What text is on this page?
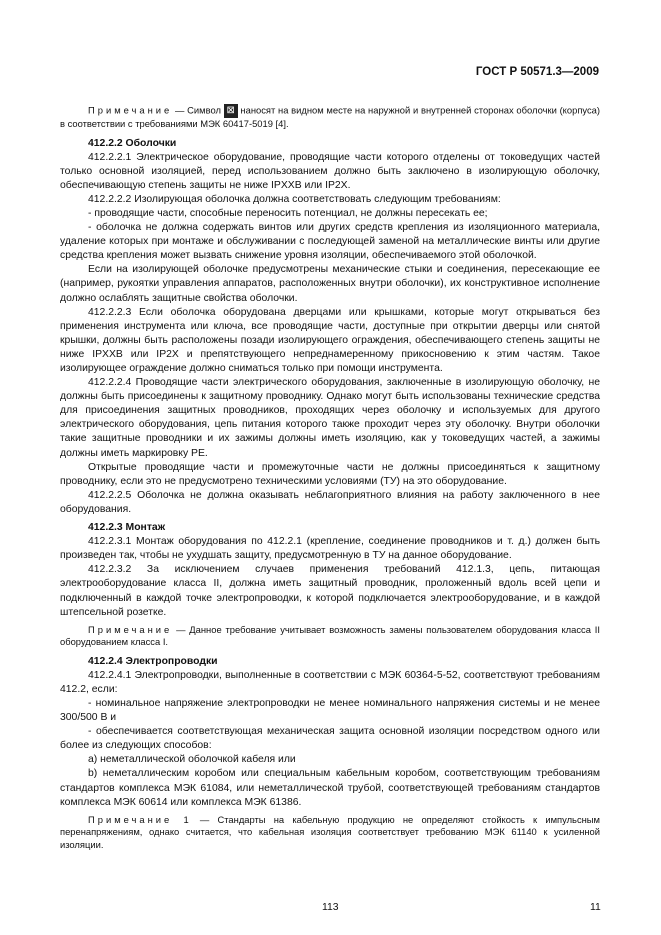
ГОСТ Р 50571.3—2009

Примечание — Символ ⊠ наносят на видном месте на наружной и внутренней сторонах оболочки (корпуса) в соответствии с требованиями МЭК 60417-5019 [4].

412.2.2 Оболочки

412.2.2.1 Электрическое оборудование, проводящие части которого отделены от токоведущих частей только основной изоляцией, перед использованием должно быть заключено в изолирующую оболочку, обеспечивающую степень защиты не ниже IPXXB или IP2X.

412.2.2.2 Изолирующая оболочка должна соответствовать следующим требованиям:

- проводящие части, способные переносить потенциал, не должны пересекать ее;

- оболочка не должна содержать винтов или других средств крепления из изоляционного материала, удаление которых при монтаже и обслуживании с последующей заменой на металлические винты или другие средства крепления может вызвать снижение уровня изоляции, обеспечиваемого этой оболочкой.

Если на изолирующей оболочке предусмотрены механические стыки и соединения, пересекающие ее (например, рукоятки управления аппаратов, расположенных внутри оболочки), их конструктивное исполнение должно ослаблять защитные свойства оболочки.

412.2.2.3 Если оболочка оборудована дверцами или крышками, которые могут открываться без применения инструмента или ключа, все проводящие части, доступные при открытии дверцы или снятой крышки, должны быть расположены позади изолирующего ограждения, обеспечивающего степень защиты не ниже IPXXB или IP2X и препятствующего непреднамеренному прикосновению к этим частям. Такое изолирующее ограждение должно сниматься только при помощи инструмента.

412.2.2.4 Проводящие части электрического оборудования, заключенные в изолирующую оболочку, не должны быть присоединены к защитному проводнику. Однако могут быть использованы технические средства для присоединения защитных проводников, проходящих через оболочку и используемых для другого электрического оборудования, цепь питания которого также проходит через эту оболочку. Внутри оболочки такие защитные проводники и их зажимы должны иметь изоляцию, как у токоведущих частей, а зажимы должны иметь маркировку PE.

Открытые проводящие части и промежуточные части не должны присоединяться к защитному проводнику, если это не предусмотрено техническими условиями (ТУ) на это оборудование.

412.2.2.5 Оболочка не должна оказывать неблагоприятного влияния на работу заключенного в нее оборудования.

412.2.3 Монтаж

412.2.3.1 Монтаж оборудования по 412.2.1 (крепление, соединение проводников и т. д.) должен быть произведен так, чтобы не ухудшать защиту, предусмотренную в ТУ на данное оборудование.

412.2.3.2 За исключением случаев применения требований 412.1.3, цепь, питающая электрооборудование класса II, должна иметь защитный проводник, проложенный вдоль всей цепи и подключенный в каждой точке электропроводки, к которой подключается электрооборудование, и в каждой штепсельной розетке.

Примечание — Данное требование учитывает возможность замены пользователем оборудования класса II оборудованием класса I.

412.2.4 Электропроводки

412.2.4.1 Электропроводки, выполненные в соответствии с МЭК 60364-5-52, соответствуют требованиям 412.2, если:

- номинальное напряжение электропроводки не менее номинального напряжения системы и не менее 300/500 В и

- обеспечивается соответствующая механическая защита основной изоляции посредством одного или более из следующих способов:

a) неметаллической оболочкой кабеля или

b) неметаллическим коробом или специальным кабельным коробом, соответствующим требованиям стандартов комплекса МЭК 61084, или неметаллической трубой, соответствующей требованиям стандартов комплекса МЭК 60614 или комплекса МЭК 61386.

Примечание 1 — Стандарты на кабельную продукцию не определяют стойкость к импульсным перенапряжениям, однако считается, что кабельная изоляция соответствует требованию МЭК 61140 к усиленной изоляции.

113	11
